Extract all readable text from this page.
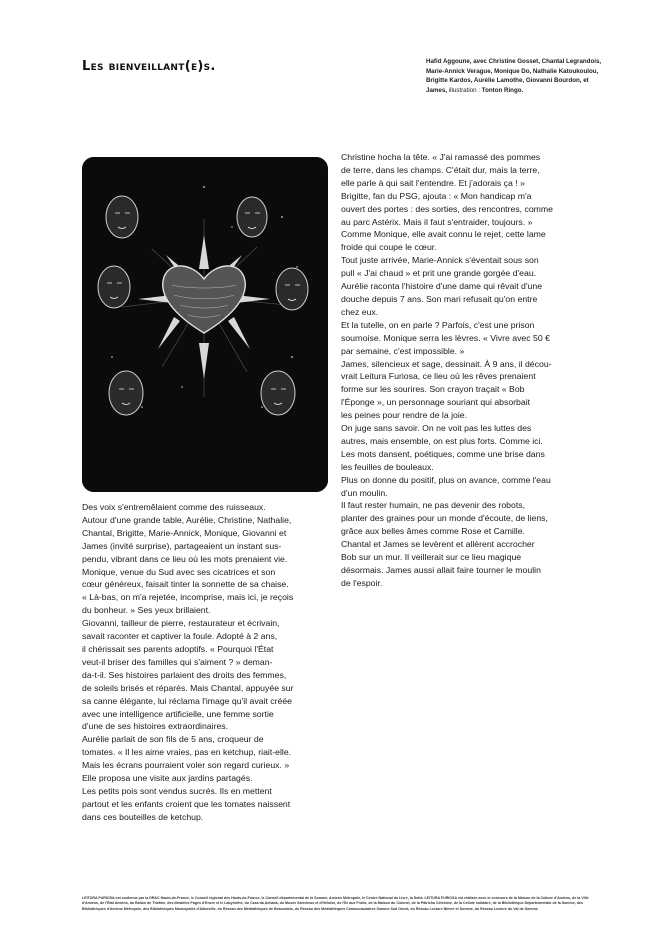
Les bienveillant(e)s.	Hafid Aggoune, avec Christine Gosset, Chantal Legrandois, Marie-Annick Verague, Monique Do, Nathalie Katoukoulou, Brigitte Kardos, Aurélie Lamothe, Giovanni Bourdon, et James, illustration : Tonton Ringo.

Des voix s'entremêlaient comme des ruisseaux.
Autour d'une grande table, Aurélie, Christine, Nathalie,
Chantal, Brigitte, Marie-Annick, Monique, Giovanni et
James (invité surprise), partageaient un instant sus-
pendu, vibrant dans ce lieu où les mots prenaient vie.

Monique, venue du Sud avec ses cicatrices et son
cœur généreux, faisait tinter la sonnette de sa chaise.
« Là-bas, on m'a rejetée, incomprise, mais ici, je reçois
du bonheur. » Ses yeux brillaient.

Giovanni, tailleur de pierre, restaurateur et écrivain,
savait raconter et captiver la foule. Adopté à 2 ans,
il chérissait ses parents adoptifs. « Pourquoi l'État
veut-il briser des familles qui s'aiment ? » deman-
da-t-il. Ses histoires parlaient des droits des femmes,
de soleils brisés et réparés. Mais Chantal, appuyée sur
sa canne élégante, lui réclama l'image qu'il avait créée
avec une intelligence artificielle, une femme sortie
d'une de ses histoires extraordinaires.

Aurélie parlait de son fils de 5 ans, croqueur de
tomates. « Il les aime vraies, pas en ketchup, riait-elle.
Mais les écrans pourraient voler son regard curieux. »
Elle proposa une visite aux jardins partagés.

Les petits pois sont vendus sucrés. Ils en mettent
partout et les enfants croient que les tomates naissent
dans ces bouteilles de ketchup.

Christine hocha la tête. « J'ai ramassé des pommes
de terre, dans les champs. C'était dur, mais la terre,
elle parle à qui sait l'entendre. Et j'adorais ça ! »

Brigitte, fan du PSG, ajouta : « Mon handicap m'a
ouvert des portes : des sorties, des rencontres, comme
au parc Astérix. Mais il faut s'entraider, toujours. »

Comme Monique, elle avait connu le rejet, cette lame
froide qui coupe le cœur.

Tout juste arrivée, Marie-Annick s'éventait sous son
pull « J'ai chaud » et prit une grande gorgée d'eau.

Aurélie raconta l'histoire d'une dame qui rêvait d'une
douche depuis 7 ans. Son mari refusait qu'on entre
chez eux.

Et la tutelle, on en parle ? Parfois, c'est une prison
sournoise. Monique serra les lèvres. « Vivre avec 50 €
par semaine, c'est impossible. »

James, silencieux et sage, dessinait. À 9 ans, il décou-
vrait Leitura Furiosa, ce lieu où les rêves prenaient
forme sur les sourires. Son crayon traçait « Bob
l'Éponge », un personnage souriant qui absorbait
les peines pour rendre de la joie.

On juge sans savoir. On ne voit pas les luttes des
autres, mais ensemble, on est plus forts. Comme ici.
Les mots dansent, poétiques, comme une brise dans
les feuilles de bouleaux.

Plus on donne du positif, plus on avance, comme l'eau
d'un moulin.

Il faut rester humain, ne pas devenir des robots,
planter des graines pour un monde d'écoute, de liens,
grâce aux belles âmes comme Rose et Camille.

Chantal et James se levèrent et allèrent accrocher
Bob sur un mur. Il veillerait sur ce lieu magique
désormais. James aussi allait faire tourner le moulin
de l'espoir.

LEITURA FURIOSA est soutenue par la DRAC Hauts-de-France, le Conseil régional des Hauts-de-France, le Conseil départemental de la Somme, Amiens Métropole, le Centre National du Livre, la Sofia. LEITURA FURIOSA est réalisée avec le concours de la Maison de la Culture d'Amiens, de la Ville d'Amiens, de l'État Amiens, du Ballon de Théâtre, des librairies Pages d'Encre et le Labyrinthe, du Casa da Achada, du Musée Sarrebrus et d'Héloïse, de l'Île aux Fruits, de la Maison du Colonel, de la Pâtricha Célestine, de la Cellule solidaire, de la Bibliothèque Départementale de la Somme, des Bibliothèques d'Amiens Métropole, des Bibliothèques Municipales d'Abbeville, du Réseau des Médiathèques de Beauvaisis, du Réseau des Médiathèques Communautaires Somme Sud Ouest, du Réseau Lecture Nièvre et Somme, du Réseau Lecture du Val de Somme.
